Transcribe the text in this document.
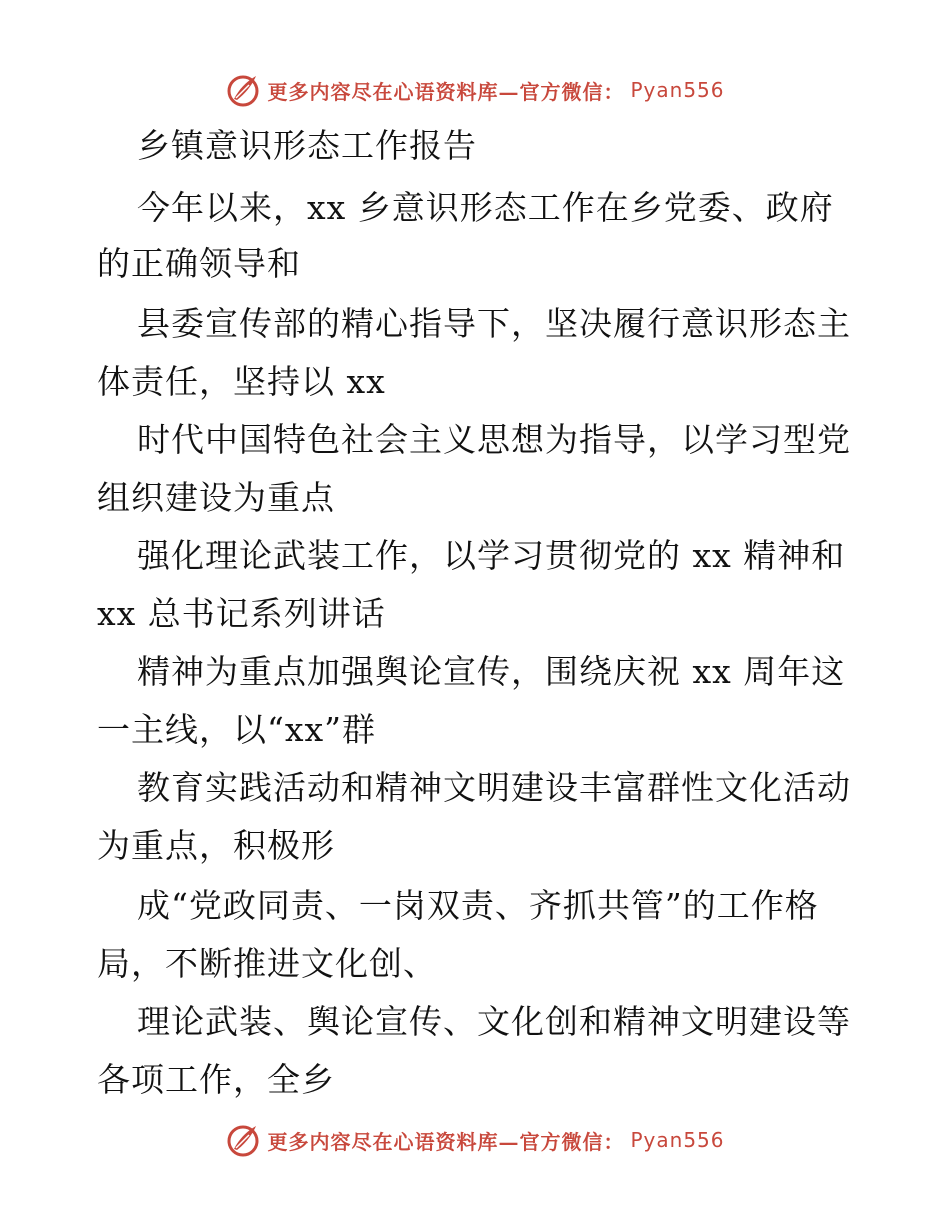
更多内容尽在心语资料库—官方微信： Pyan556
乡镇意识形态工作报告
今年以来，xx 乡意识形态工作在乡党委、政府
的正确领导和
县委宣传部的精心指导下，坚决履行意识形态主
体责任，坚持以 xx
时代中国特色社会主义思想为指导，以学习型党
组织建设为重点
强化理论武装工作，以学习贯彻党的 xx 精神和
xx 总书记系列讲话
精神为重点加强舆论宣传，围绕庆祝 xx 周年这
一主线，以“xx”群
教育实践活动和精神文明建设丰富群性文化活动
为重点，积极形
成“党政同责、一岗双责、齐抓共管”的工作格
局，不断推进文化创、
理论武装、舆论宣传、文化创和精神文明建设等
各项工作，全乡
更多内容尽在心语资料库—官方微信： Pyan556
